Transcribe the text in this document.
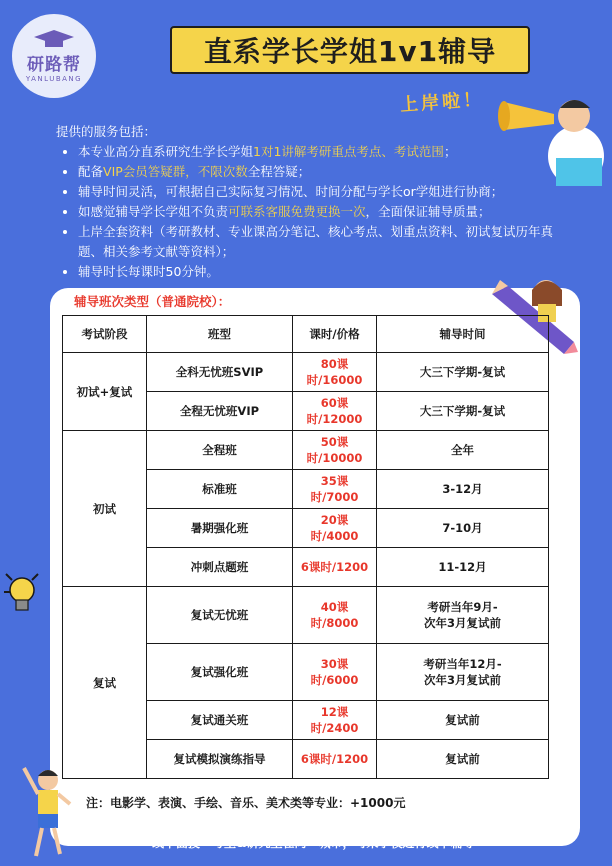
研路帮
YANLUBANG
直系学长学姐1v1辅导
上岸啦！
提供的服务包括：
• 本专业高分直系研究生学长学姐1对1讲解考研重点考点、考试范围；
• 配备VIP会员答疑群，不限次数全程答疑；
• 辅导时间灵活，可根据自己实际复习情况、时间分配与学长or学姐进行协商；
• 如感觉辅导学长学姐不负责可联系客服免费更换一次，全面保证辅导质量；
• 上岸全套资料（考研教材、专业课高分笔记、核心考点、划重点资料、初试复试历年真题、相关参考文献等资料）；
• 辅导时长每课时50分钟。
辅导班次类型（普通院校）：
考试阶段	班型	课时/价格	辅导时间
初试+复试	全科无忧班SVIP	80课时/16000	大三下学期-复试
	全程无忧班VIP	60课时/12000	大三下学期-复试
初试	全程班	50课时/10000	全年
	标准班	35课时/7000	3-12月
	暑期强化班	20课时/4000	7-10月
	冲刺点题班	6课时/1200	11-12月
复试	复试无忧班	40课时/8000	考研当年9月-
次年3月复试前
	复试强化班	30课时/6000	考研当年12月-
次年3月复试前
	复试通关班	12课时/2400	复试前
	复试模拟演练指导	6课时/1200	复试前
注：电影学、表演、手绘、音乐、美术类等专业：+1000元
授课方式：线上直播—腾讯会议、钉钉
线下面授—考生&研究生在同一城市，可来学校进行线下辅导
